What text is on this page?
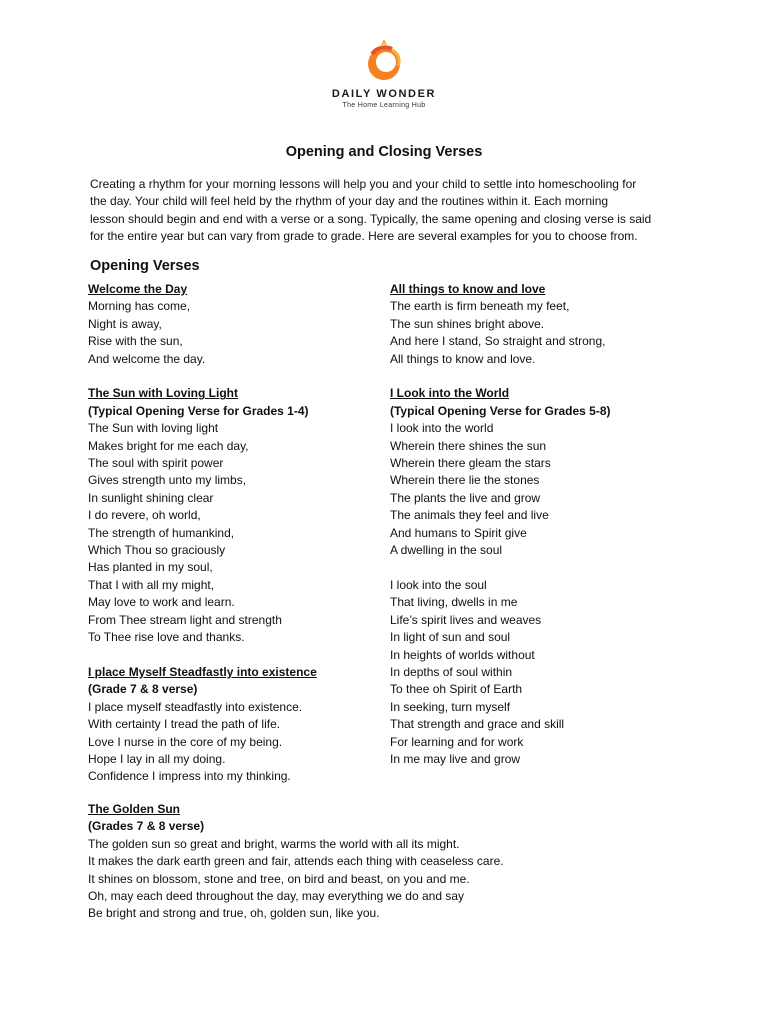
DAILY WONDER
The Home Learning Hub
Opening and Closing Verses
Creating a rhythm for your morning lessons will help you and your child to settle into homeschooling for
the day. Your child will feel held by the rhythm of your day and the routines within it. Each morning
lesson should begin and end with a verse or a song. Typically, the same opening and closing verse is said
for the entire year but can vary from grade to grade. Here are several examples for you to choose from.
Opening Verses
Welcome the Day
Morning has come,
Night is away,
Rise with the sun,
And welcome the day.
The Sun with Loving Light
(Typical Opening Verse for Grades 1-4)
The Sun with loving light
Makes bright for me each day,
The soul with spirit power
Gives strength unto my limbs,
In sunlight shining clear
I do revere, oh world,
The strength of humankind,
Which Thou so graciously
Has planted in my soul,
That I with all my might,
May love to work and learn.
From Thee stream light and strength
To Thee rise love and thanks.
I place Myself Steadfastly into existence
(Grade 7 & 8 verse)
I place myself steadfastly into existence.
With certainty I tread the path of life.
Love I nurse in the core of my being.
Hope I lay in all my doing.
Confidence I impress into my thinking.
All things to know and love
The earth is firm beneath my feet,
The sun shines bright above.
And here I stand, So straight and strong,
All things to know and love.
I Look into the World
(Typical Opening Verse for Grades 5-8)
I look into the world
Wherein there shines the sun
Wherein there gleam the stars
Wherein there lie the stones
The plants the live and grow
The animals they feel and live
And humans to Spirit give
A dwelling in the soul
I look into the soul
That living, dwells in me
Life’s spirit lives and weaves
In light of sun and soul
In heights of worlds without
In depths of soul within
To thee oh Spirit of Earth
In seeking, turn myself
That strength and grace and skill
For learning and for work
In me may live and grow
The Golden Sun
(Grades 7 & 8 verse)
The golden sun so great and bright, warms the world with all its might.
It makes the dark earth green and fair, attends each thing with ceaseless care.
It shines on blossom, stone and tree, on bird and beast, on you and me.
Oh, may each deed throughout the day, may everything we do and say
Be bright and strong and true, oh, golden sun, like you.
